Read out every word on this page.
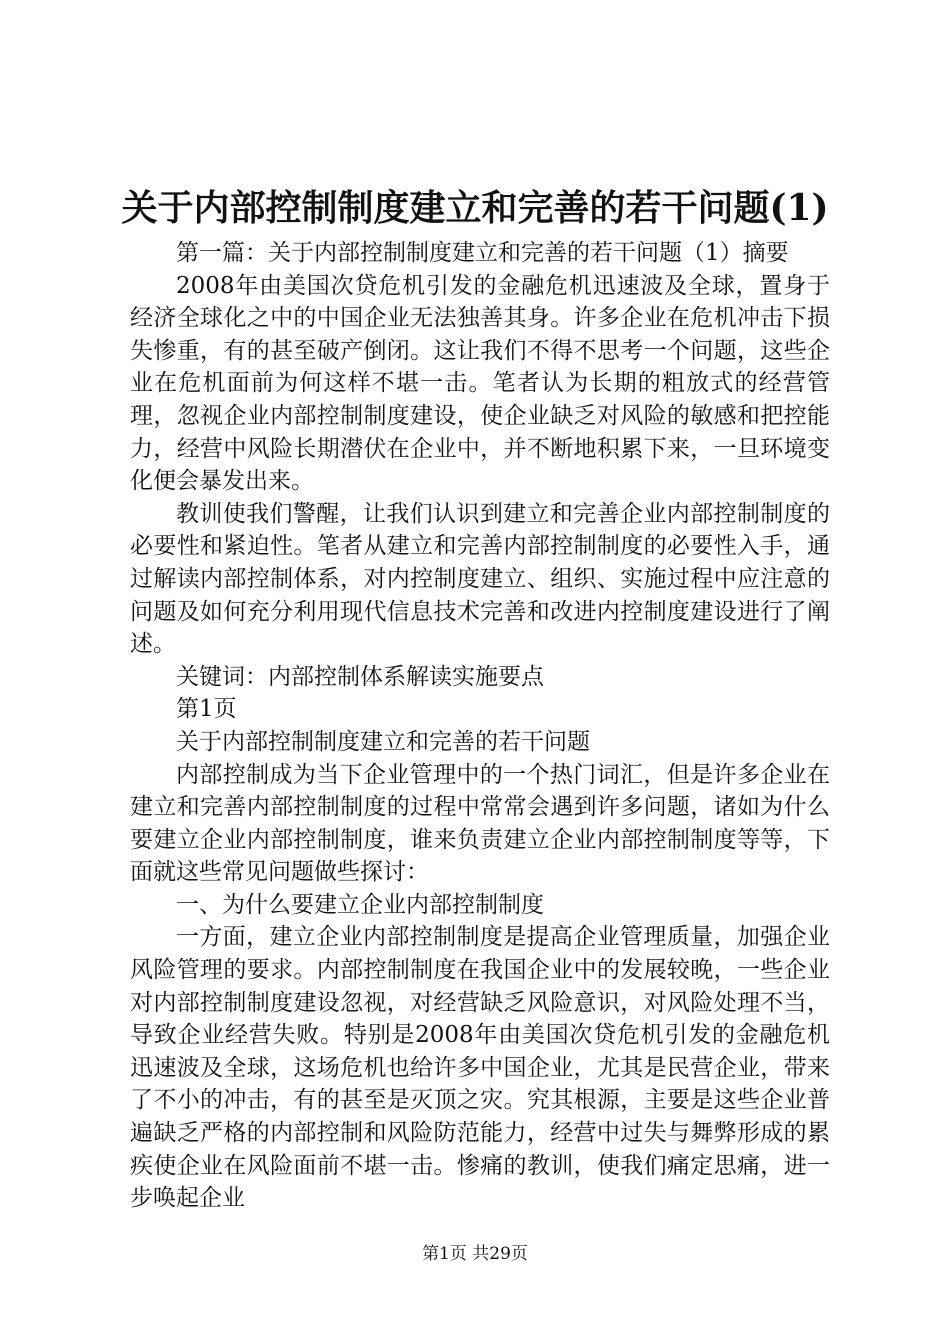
关于内部控制制度建立和完善的若干问题(1)

第一篇：关于内部控制制度建立和完善的若干问题（1）摘要

2008年由美国次贷危机引发的金融危机迅速波及全球，置身于经济全球化之中的中国企业无法独善其身。许多企业在危机冲击下损失惨重，有的甚至破产倒闭。这让我们不得不思考一个问题，这些企业在危机面前为何这样不堪一击。笔者认为长期的粗放式的经营管理，忽视企业内部控制制度建设，使企业缺乏对风险的敏感和把控能力，经营中风险长期潜伏在企业中，并不断地积累下来，一旦环境变化便会暴发出来。

教训使我们警醒，让我们认识到建立和完善企业内部控制制度的必要性和紧迫性。笔者从建立和完善内部控制制度的必要性入手，通过解读内部控制体系，对内控制度建立、组织、实施过程中应注意的问题及如何充分利用现代信息技术完善和改进内控制度建设进行了阐述。

关键词：内部控制体系解读实施要点

第1页

关于内部控制制度建立和完善的若干问题

内部控制成为当下企业管理中的一个热门词汇，但是许多企业在建立和完善内部控制制度的过程中常常会遇到许多问题，诸如为什么要建立企业内部控制制度，谁来负责建立企业内部控制制度等等，下面就这些常见问题做些探讨：

一、为什么要建立企业内部控制制度

一方面，建立企业内部控制制度是提高企业管理质量，加强企业风险管理的要求。内部控制制度在我国企业中的发展较晚，一些企业对内部控制制度建设忽视，对经营缺乏风险意识，对风险处理不当，导致企业经营失败。特别是2008年由美国次贷危机引发的金融危机迅速波及全球，这场危机也给许多中国企业，尤其是民营企业，带来了不小的冲击，有的甚至是灭顶之灾。究其根源，主要是这些企业普遍缺乏严格的内部控制和风险防范能力，经营中过失与舞弊形成的累疾使企业在风险面前不堪一击。惨痛的教训，使我们痛定思痛，进一步唤起企业

第1页 共29页
